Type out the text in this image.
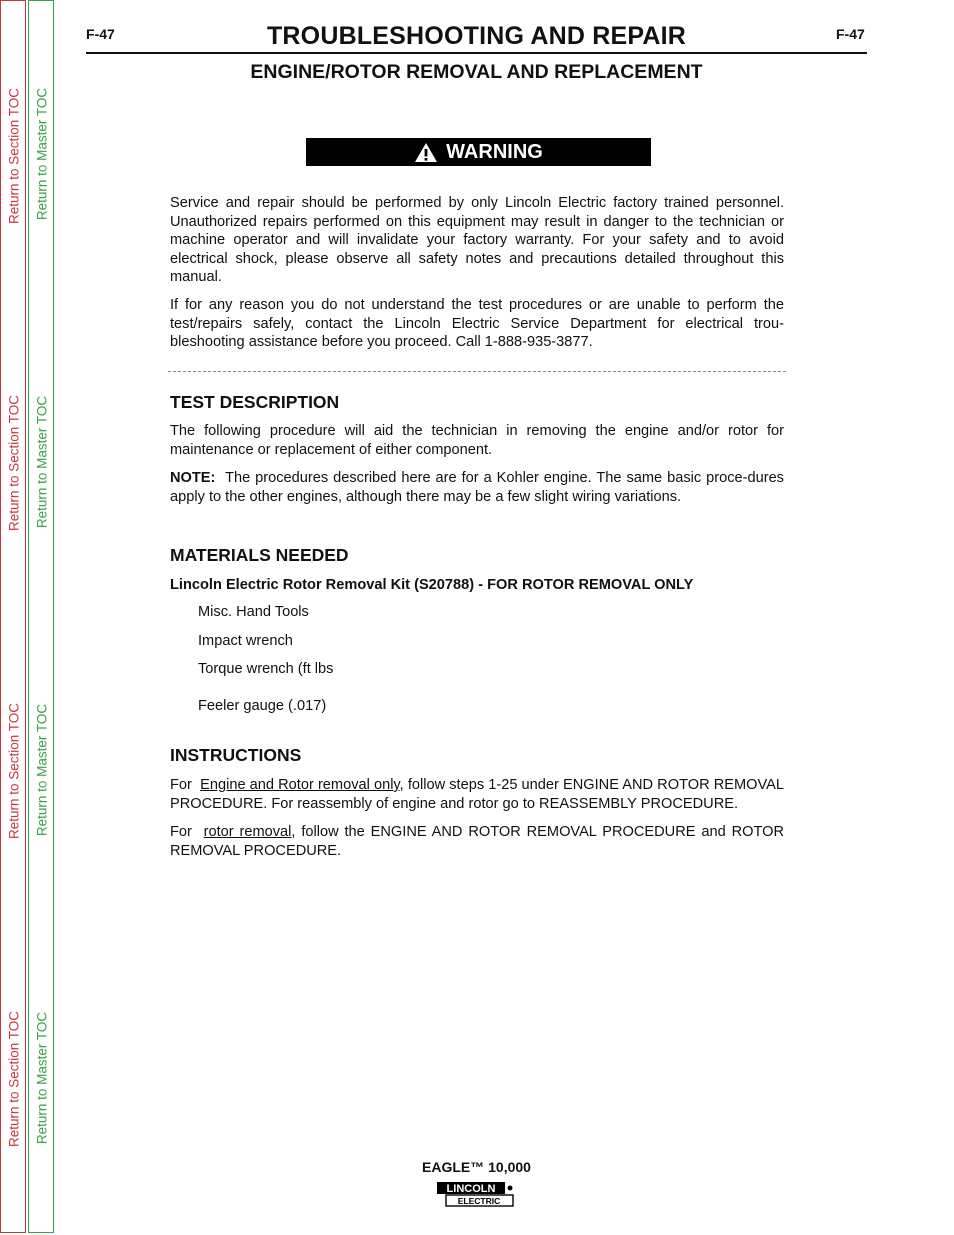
Return to Section TOC
Return to Section TOC
Return to Section TOC
Return to Section TOC
Return to Master TOC
Return to Master TOC
Return to Master TOC
Return to Master TOC
F-47	TROUBLESHOOTING AND REPAIR	F-47
ENGINE/ROTOR REMOVAL AND REPLACEMENT
WARNING

Service and repair should be performed by only Lincoln Electric factory trained personnel. Unauthorized repairs performed on this equipment may result in danger to the technician or machine operator and will invalidate your factory warranty. For your safety and to avoid electrical shock, please observe all safety notes and precautions detailed throughout this manual.

If for any reason you do not understand the test procedures or are unable to perform the test/repairs safely, contact the Lincoln Electric Service Department for electrical trou-bleshooting assistance before you proceed. Call 1-888-935-3877.

TEST DESCRIPTION

The following procedure will aid the technician in removing the engine and/or rotor for maintenance or replacement of either component.

NOTE: The procedures described here are for a Kohler engine. The same basic proce-dures apply to the other engines, although there may be a few slight wiring variations.

MATERIALS NEEDED
Lincoln Electric Rotor Removal Kit (S20788) - FOR ROTOR REMOVAL ONLY
Misc. Hand Tools
Impact wrench
Torque wrench (ft lbs
Feeler gauge (.017)
INSTRUCTIONS

For Engine and Rotor removal only, follow steps 1-25 under ENGINE AND ROTOR REMOVAL PROCEDURE. For reassembly of engine and rotor go to REASSEMBLY PROCEDURE.

For rotor removal, follow the ENGINE AND ROTOR REMOVAL PROCEDURE and ROTOR REMOVAL PROCEDURE.

EAGLE™ 10,000
LINCOLN
ELECTRIC
